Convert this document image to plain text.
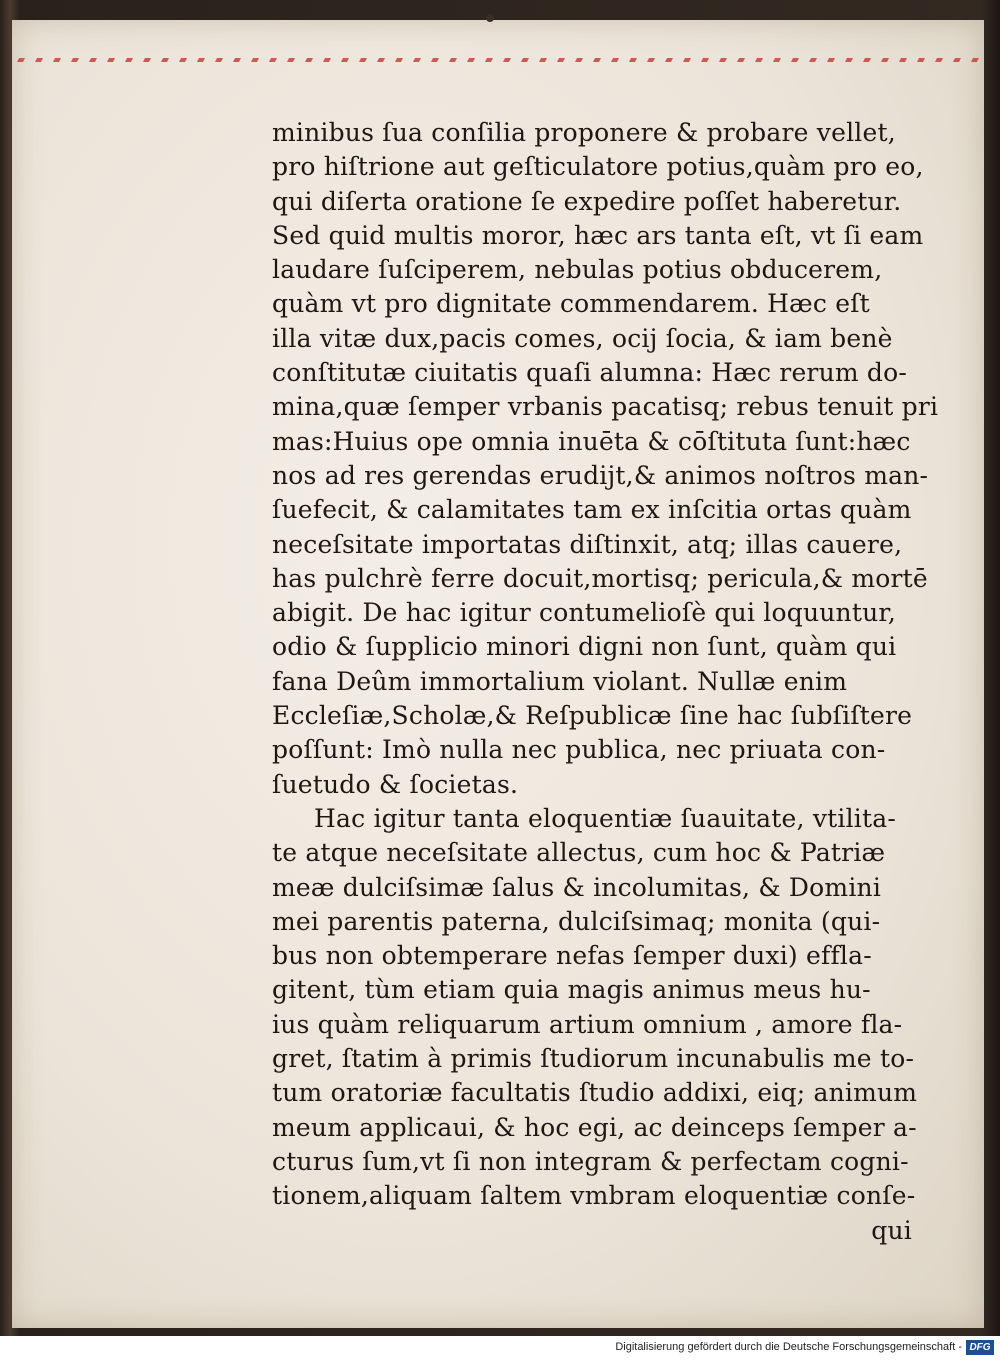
minibus ſua conſilia proponere & probare vellet,
pro hiſtrione aut geſticulatore potius,quàm pro eo,
qui diſerta oratione ſe expedire poſſet haberetur.
Sed quid multis moror, hæc ars tanta eſt, vt ſi eam
laudare ſuſciperem, nebulas potius obducerem,
quàm vt pro dignitate commendarem. Hæc eſt
illa vitæ dux,pacis comes, ocij ſocia, & iam benè
conſtitutæ ciuitatis quaſi alumna: Hæc rerum do-
mina,quæ ſemper vrbanis pacatisq; rebus tenuit pri
mas:Huius ope omnia inuēta & cōſtituta ſunt:hæc
nos ad res gerendas erudijt,& animos noſtros man-
ſuefecit, & calamitates tam ex inſcitia ortas quàm
neceſsitate importatas diſtinxit, atq; illas cauere,
has pulchrè ferre docuit,mortisq; pericula,& mortē
abigit. De hac igitur contumelioſè qui loquuntur,
odio & ſupplicio minori digni non ſunt, quàm qui
fana Deûm immortalium violant. Nullæ enim
Eccleſiæ,Scholæ,& Reſpublicæ ſine hac ſubſiſtere
poſſunt: Imò nulla nec publica, nec priuata con-
ſuetudo & ſocietas.
Hac igitur tanta eloquentiæ ſuauitate, vtilita-
te atque neceſsitate allectus, cum hoc & Patriæ
meæ dulciſsimæ ſalus & incolumitas, & Domini
mei parentis paterna, dulciſsimaq; monita (qui-
bus non obtemperare nefas ſemper duxi) effla-
gitent, tùm etiam quia magis animus meus hu-
ius quàm reliquarum artium omnium , amore fla-
gret, ſtatim à primis ſtudiorum incunabulis me to-
tum oratoriæ facultatis ſtudio addixi, eiq; animum
meum applicaui, & hoc egi, ac deinceps ſemper a-
cturus ſum,vt ſi non integram & perfectam cogni-
tionem,aliquam ſaltem vmbram eloquentiæ conſe-
qui
Digitalisierung gefördert durch die Deutsche Forschungsgemeinschaft - DFG
